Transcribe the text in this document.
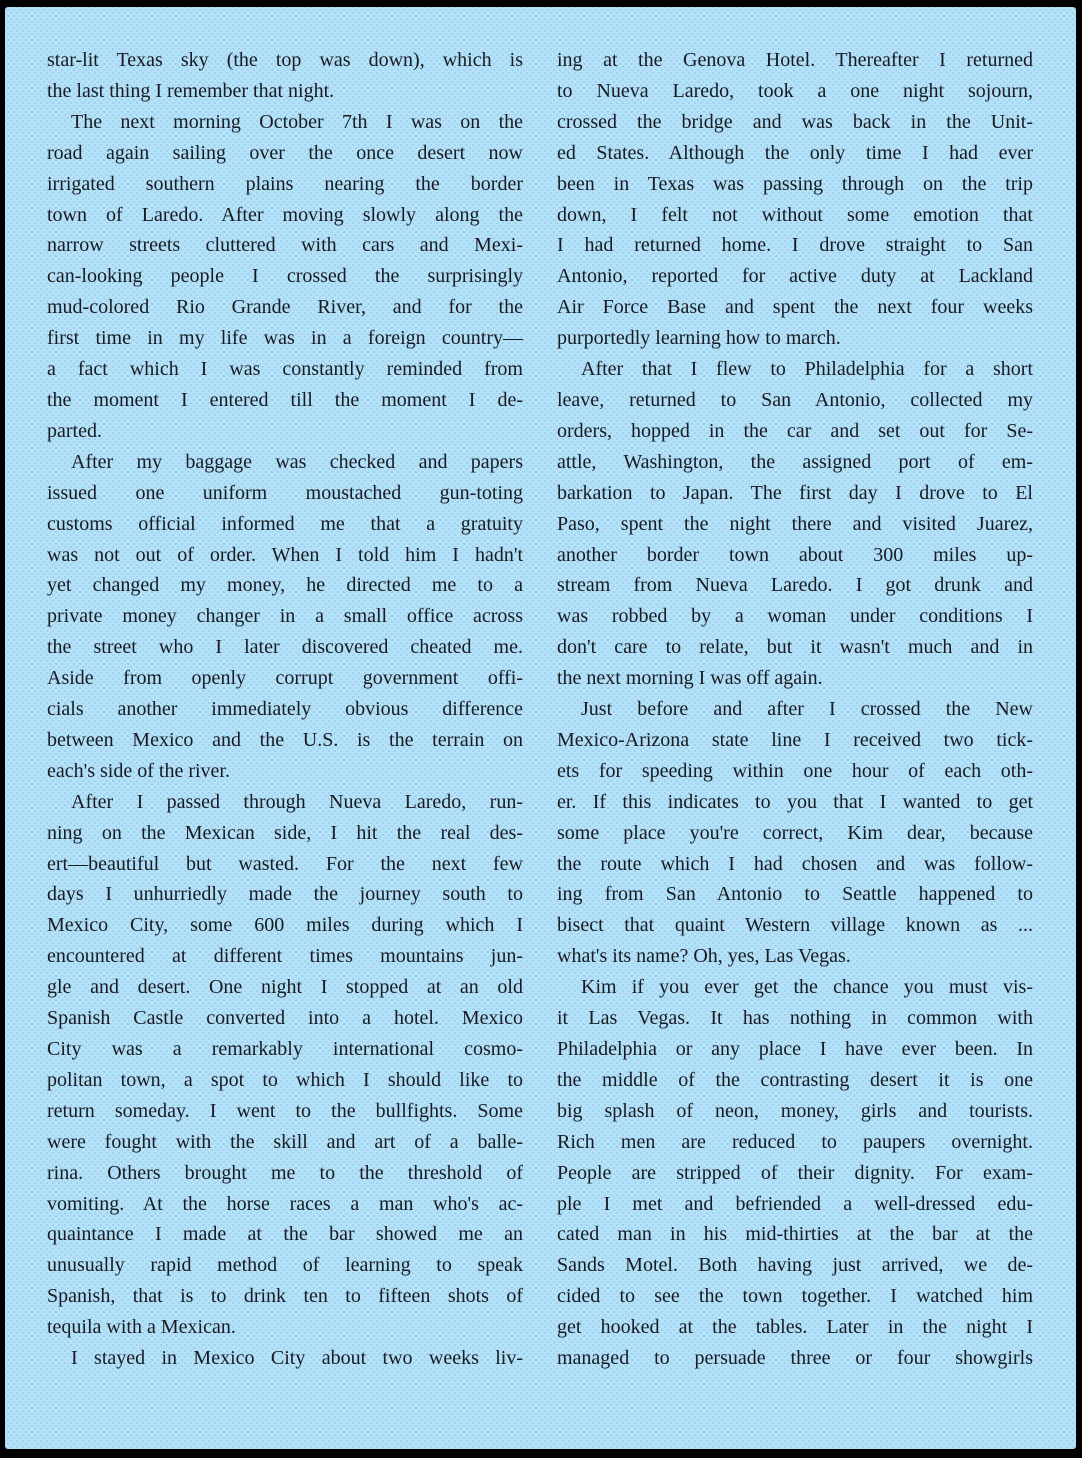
star-lit Texas sky (the top was down), which is
the last thing I remember that night.
The next morning October 7th I was on the
road again sailing over the once desert now
irrigated southern plains nearing the border
town of Laredo. After moving slowly along the
narrow streets cluttered with cars and Mexi-
can-looking people I crossed the surprisingly
mud-colored Rio Grande River, and for the
first time in my life was in a foreign country—
a fact which I was constantly reminded from
the moment I entered till the moment I de-
parted.
After my baggage was checked and papers
issued one uniform moustached gun-toting
customs official informed me that a gratuity
was not out of order. When I told him I hadn't
yet changed my money, he directed me to a
private money changer in a small office across
the street who I later discovered cheated me.
Aside from openly corrupt government offi-
cials another immediately obvious difference
between Mexico and the U.S. is the terrain on
each's side of the river.
After I passed through Nueva Laredo, run-
ning on the Mexican side, I hit the real des-
ert—beautiful but wasted. For the next few
days I unhurriedly made the journey south to
Mexico City, some 600 miles during which I
encountered at different times mountains jun-
gle and desert. One night I stopped at an old
Spanish Castle converted into a hotel. Mexico
City was a remarkably international cosmo-
politan town, a spot to which I should like to
return someday. I went to the bullfights. Some
were fought with the skill and art of a balle-
rina. Others brought me to the threshold of
vomiting. At the horse races a man who's ac-
quaintance I made at the bar showed me an
unusually rapid method of learning to speak
Spanish, that is to drink ten to fifteen shots of
tequila with a Mexican.
I stayed in Mexico City about two weeks liv-
ing at the Genova Hotel. Thereafter I returned
to Nueva Laredo, took a one night sojourn,
crossed the bridge and was back in the Unit-
ed States. Although the only time I had ever
been in Texas was passing through on the trip
down, I felt not without some emotion that
I had returned home. I drove straight to San
Antonio, reported for active duty at Lackland
Air Force Base and spent the next four weeks
purportedly learning how to march.
After that I flew to Philadelphia for a short
leave, returned to San Antonio, collected my
orders, hopped in the car and set out for Se-
attle, Washington, the assigned port of em-
barkation to Japan. The first day I drove to El
Paso, spent the night there and visited Juarez,
another border town about 300 miles up-
stream from Nueva Laredo. I got drunk and
was robbed by a woman under conditions I
don't care to relate, but it wasn't much and in
the next morning I was off again.
Just before and after I crossed the New
Mexico-Arizona state line I received two tick-
ets for speeding within one hour of each oth-
er. If this indicates to you that I wanted to get
some place you're correct, Kim dear, because
the route which I had chosen and was follow-
ing from San Antonio to Seattle happened to
bisect that quaint Western village known as ...
what's its name? Oh, yes, Las Vegas.
Kim if you ever get the chance you must vis-
it Las Vegas. It has nothing in common with
Philadelphia or any place I have ever been. In
the middle of the contrasting desert it is one
big splash of neon, money, girls and tourists.
Rich men are reduced to paupers overnight.
People are stripped of their dignity. For exam-
ple I met and befriended a well-dressed edu-
cated man in his mid-thirties at the bar at the
Sands Motel. Both having just arrived, we de-
cided to see the town together. I watched him
get hooked at the tables. Later in the night I
managed to persuade three or four showgirls
